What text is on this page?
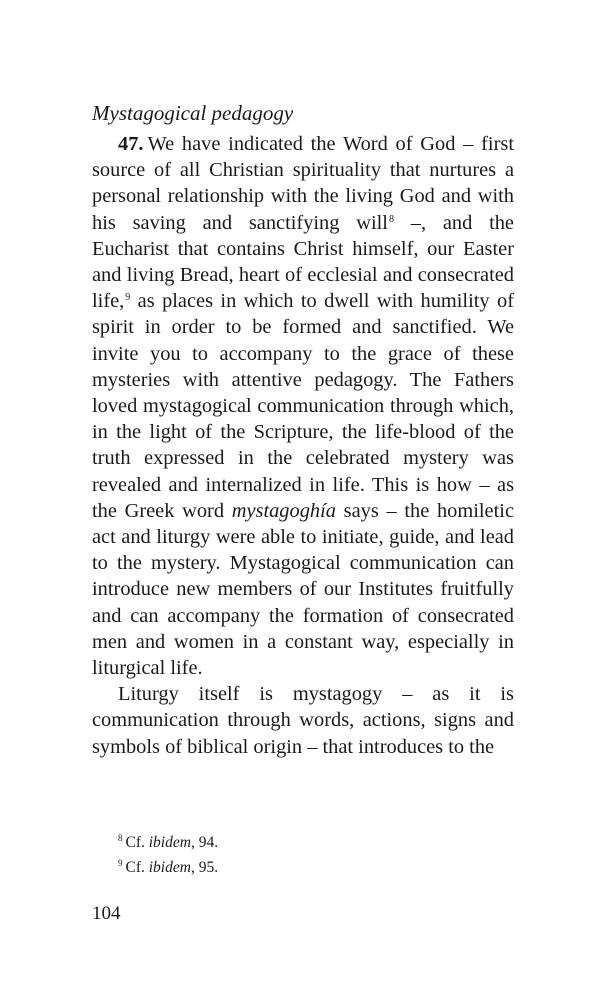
Mystagogical pedagogy

47. We have indicated the Word of God – first source of all Christian spirituality that nurtures a personal relationship with the living God and with his saving and sanctifying will$^8$ –, and the Eucharist that contains Christ himself, our Easter and living Bread, heart of ecclesial and consecrated life,$^9$ as places in which to dwell with humility of spirit in order to be formed and sanctified. We invite you to accompany to the grace of these mysteries with attentive pedagogy. The Fathers loved mystagogical communication through which, in the light of the Scripture, the life-blood of the truth expressed in the celebrated mystery was revealed and internalized in life. This is how – as the Greek word mystagoghía says – the homiletic act and liturgy were able to initiate, guide, and lead to the mystery. Mystagogical communication can introduce new members of our Institutes fruitfully and can accompany the formation of consecrated men and women in a constant way, especially in liturgical life.

Liturgy itself is mystagogy – as it is communication through words, actions, signs and symbols of biblical origin – that introduces to the

$^8$ Cf. ibidem, 94.
$^9$ Cf. ibidem, 95.
104
